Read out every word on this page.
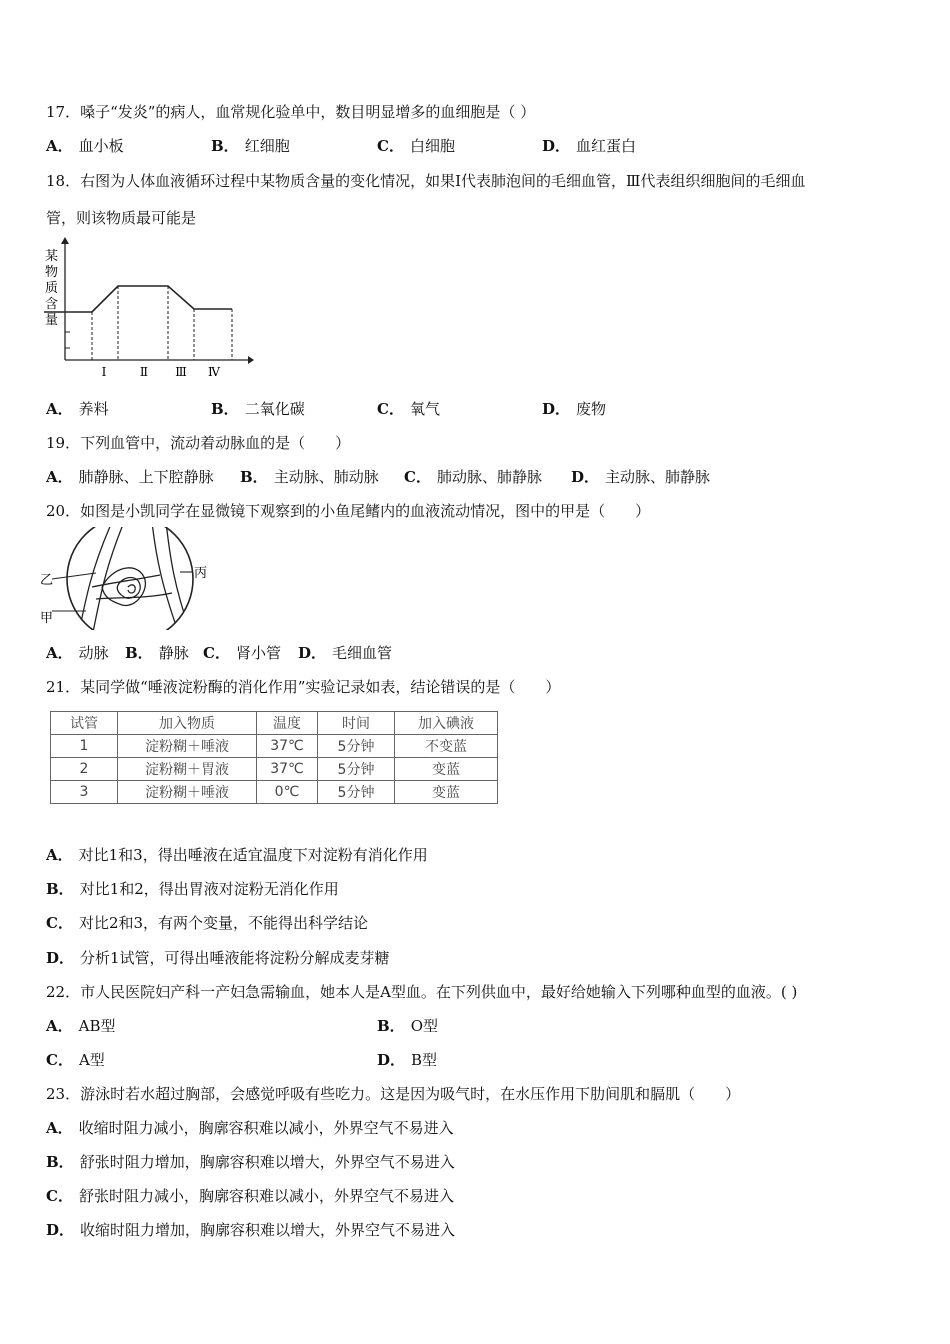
17．嗓子“发炎”的病人，血常规化验单中，数目明显增多的血细胞是（ ）
A． 血小板	B． 红细胞	C． 白细胞	D． 血红蛋白
18．右图为人体血液循环过程中某物质含量的变化情况，如果Ⅰ代表肺泡间的毛细血管，Ⅲ代表组织细胞间的毛细血
管，则该物质最可能是
某
物
质
含
量
Ⅰ	Ⅱ Ⅲ Ⅳ
A． 养料	B． 二氧化碳	C． 氧气	D． 废物
19．下列血管中，流动着动脉血的是（　　）
A． 肺静脉、上下腔静脉 B． 主动脉、肺动脉 C． 肺动脉、肺静脉 D． 主动脉、肺静脉
20．如图是小凯同学在显微镜下观察到的小鱼尾鳍内的血液流动情况，图中的甲是（　　）
乙
甲
丙
A． 动脉 B． 静脉 C． 肾小管 D． 毛细血管
21．某同学做“唾液淀粉酶的消化作用”实验记录如表，结论错误的是（　　）
试管	加入物质	温度	时间	加入碘液
1	淀粉糊＋唾液	37℃	5分钟	不变蓝
2	淀粉糊＋胃液	37℃	5分钟	变蓝
3	淀粉糊＋唾液	0℃	5分钟	变蓝
A． 对比1和3，得出唾液在适宜温度下对淀粉有消化作用
B． 对比1和2，得出胃液对淀粉无消化作用
C． 对比2和3，有两个变量，不能得出科学结论
D． 分析1试管，可得出唾液能将淀粉分解成麦芽糖
22．市人民医院妇产科一产妇急需输血，她本人是A型血。在下列供血中，最好给她输入下列哪种血型的血液。( )
A． AB型	B． O型
C． A型	D． B型
23．游泳时若水超过胸部，会感觉呼吸有些吃力。这是因为吸气时，在水压作用下肋间肌和膈肌（　　）
A． 收缩时阻力减小，胸廓容积难以减小，外界空气不易进入
B． 舒张时阻力增加，胸廓容积难以增大，外界空气不易进入
C． 舒张时阻力减小，胸廓容积难以减小，外界空气不易进入
D． 收缩时阻力增加，胸廓容积难以增大，外界空气不易进入
